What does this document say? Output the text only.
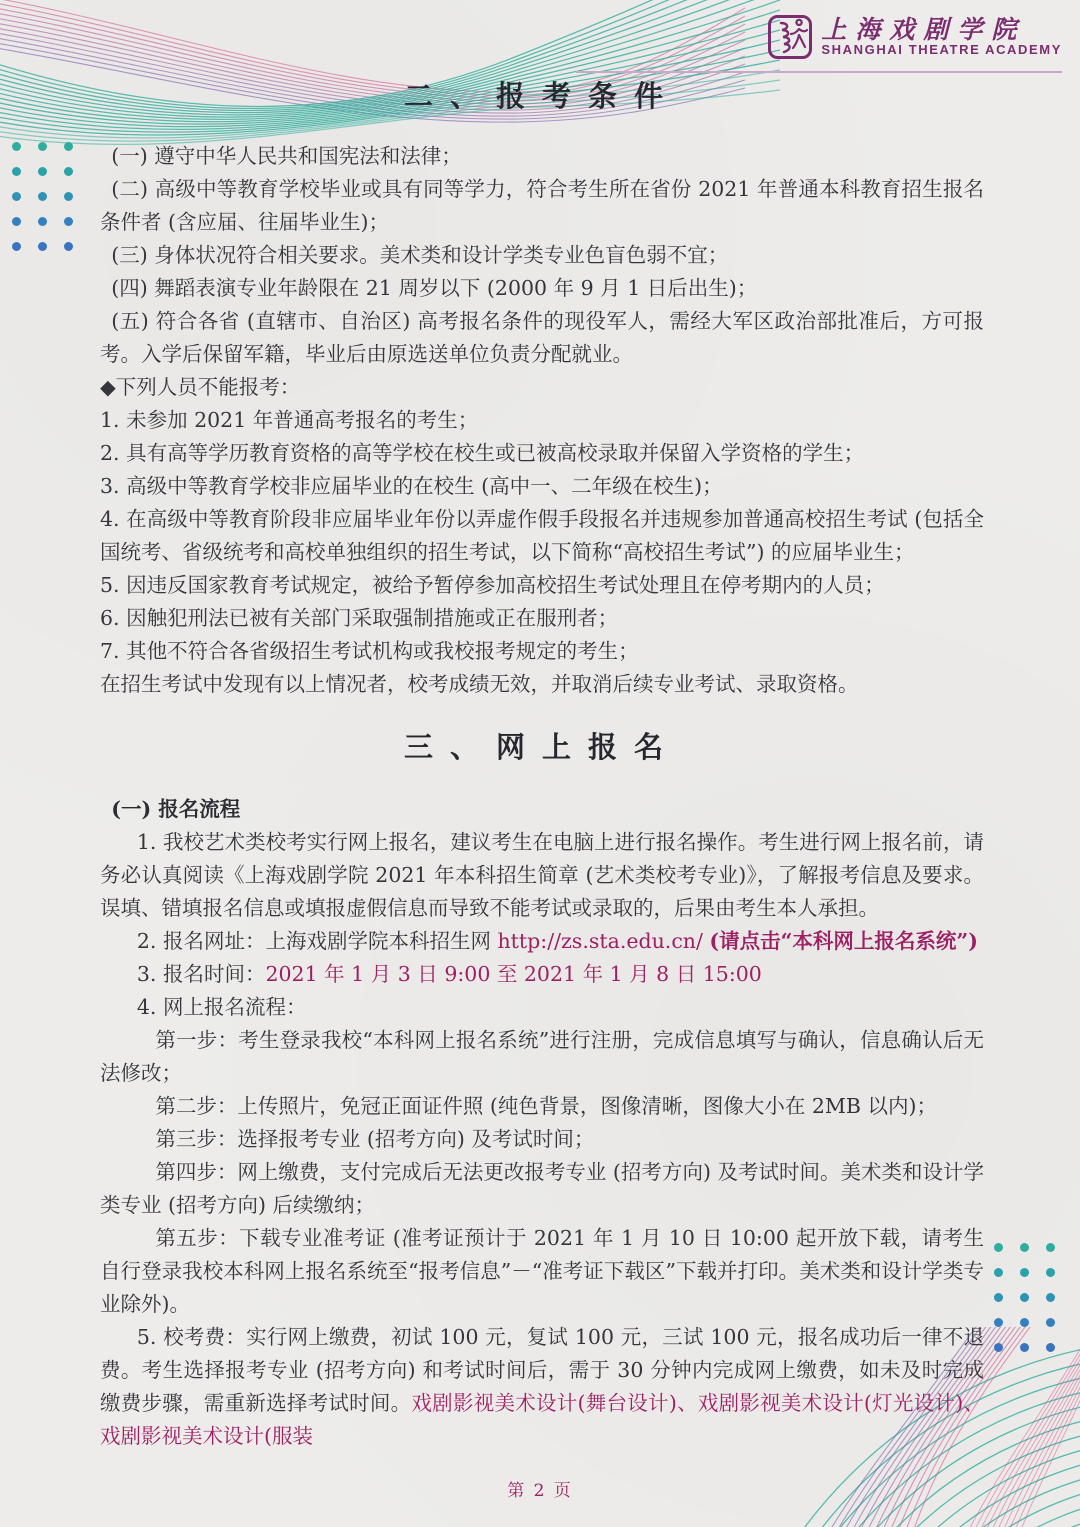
上海戏剧学院
SHANGHAI THEATRE ACADEMY
二、报考条件

(一) 遵守中华人民共和国宪法和法律；

(二) 高级中等教育学校毕业或具有同等学力，符合考生所在省份 2021 年普通本科教育招生报名条件者 (含应届、往届毕业生)；

(三) 身体状况符合相关要求。美术类和设计学类专业色盲色弱不宜；

(四) 舞蹈表演专业年龄限在 21 周岁以下 (2000 年 9 月 1 日后出生)；

(五) 符合各省 (直辖市、自治区) 高考报名条件的现役军人，需经大军区政治部批准后，方可报考。入学后保留军籍，毕业后由原选送单位负责分配就业。

◆下列人员不能报考：

1. 未参加 2021 年普通高考报名的考生；

2. 具有高等学历教育资格的高等学校在校生或已被高校录取并保留入学资格的学生；

3. 高级中等教育学校非应届毕业的在校生 (高中一、二年级在校生)；

4. 在高级中等教育阶段非应届毕业年份以弄虚作假手段报名并违规参加普通高校招生考试 (包括全国统考、省级统考和高校单独组织的招生考试，以下简称“高校招生考试”) 的应届毕业生；

5. 因违反国家教育考试规定，被给予暂停参加高校招生考试处理且在停考期内的人员；

6. 因触犯刑法已被有关部门采取强制措施或正在服刑者；

7. 其他不符合各省级招生考试机构或我校报考规定的考生；

在招生考试中发现有以上情况者，校考成绩无效，并取消后续专业考试、录取资格。

三、网上报名

(一) 报名流程

1. 我校艺术类校考实行网上报名，建议考生在电脑上进行报名操作。考生进行网上报名前，请务必认真阅读《上海戏剧学院 2021 年本科招生简章 (艺术类校考专业)》，了解报考信息及要求。误填、错填报名信息或填报虚假信息而导致不能考试或录取的，后果由考生本人承担。

2. 报名网址：上海戏剧学院本科招生网 http://zs.sta.edu.cn/ (请点击“本科网上报名系统”)

3. 报名时间：2021 年 1 月 3 日 9:00 至 2021 年 1 月 8 日 15:00

4. 网上报名流程：

第一步：考生登录我校“本科网上报名系统”进行注册，完成信息填写与确认，信息确认后无法修改；

第二步：上传照片，免冠正面证件照 (纯色背景，图像清晰，图像大小在 2MB 以内)；

第三步：选择报考专业 (招考方向) 及考试时间；

第四步：网上缴费，支付完成后无法更改报考专业 (招考方向) 及考试时间。美术类和设计学类专业 (招考方向) 后续缴纳；

第五步：下载专业准考证 (准考证预计于 2021 年 1 月 10 日 10:00 起开放下载，请考生自行登录我校本科网上报名系统至“报考信息”－“准考证下载区”下载并打印。美术类和设计学类专业除外)。

5. 校考费：实行网上缴费，初试 100 元，复试 100 元，三试 100 元，报名成功后一律不退费。考生选择报考专业 (招考方向) 和考试时间后，需于 30 分钟内完成网上缴费，如未及时完成缴费步骤，需重新选择考试时间。戏剧影视美术设计(舞台设计)、戏剧影视美术设计(灯光设计)、戏剧影视美术设计(服装

第 2 页
